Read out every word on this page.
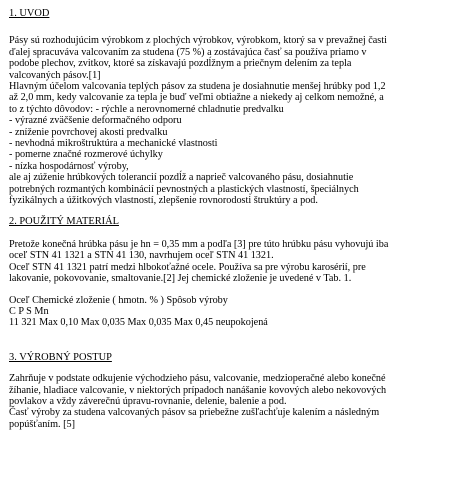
1. UVOD
Pásy sú rozhodujúcim výrobkom z plochých výrobkov, výrobkom, ktorý sa v prevažnej časti
ďalej spracuváva valcovaním za studena (75 %) a zostávajúca časť sa používa priamo v
podobe plechov, zvitkov, ktoré sa získavajú pozdĺžnym a priečnym delením za tepla
valcovaných pásov.[1]
Hlavným účelom valcovania teplých pásov za studena je dosiahnutie menšej hrúbky pod 1,2
až 2,0 mm, kedy valcovanie za tepla je buď veľmi obtiažne a niekedy aj celkom nemožné, a
to z týchto dôvodov: - rýchle a nerovnomerné chladnutie predvalku
- výrazné zväčšenie deformačného odporu
- zníženie povrchovej akosti predvalku
- nevhodná mikroštruktúra a mechanické vlastnosti
- pomerne značné rozmerové úchylky
- nízka hospodárnosť výroby,
ale aj zúženie hrúbkových tolerancií pozdĺž a naprieč valcovaného pásu, dosiahnutie
potrebných rozmantých kombinácií pevnostných a plastických vlastností, špeciálnych
fyzikálnych a úžitkových vlastností, zlepšenie rovnorodosti štruktúry a pod.
2. POUŽITÝ MATERIÁL
Pretože konečná hrúbka pásu je hn = 0,35 mm a podľa [3] pre túto hrúbku pásu vyhovujú iba
oceľ STN 41 1321 a STN 41 130, navrhujem oceľ STN 41 1321.
Oceľ STN 41 1321 patrí medzi hlbokoťažné ocele. Používa sa pre výrobu karosérií, pre
lakovanie, pokovovanie, smaltovanie.[2] Jej chemické zloženie je uvedené v Tab. 1.
Oceľ Chemické zloženie ( hmotn. % ) Spôsob výroby
C P S Mn
11 321 Max 0,10 Max 0,035 Max 0,035 Max 0,45 neupokojená
3. VÝROBNÝ POSTUP
Zahrňuje v podstate odkujenie východzieho pásu, valcovanie, medzioperačné alebo konečné
žíhanie, hladiace valcovanie, v niektorých prípadoch nanášanie kovových alebo nekovových
povlakov a vždy záverečnú úpravu-rovnanie, delenie, balenie a pod.
Časť výroby za studena valcovaných pásov sa priebežne zušľachťuje kalením a následným
popúšťaním. [5]
